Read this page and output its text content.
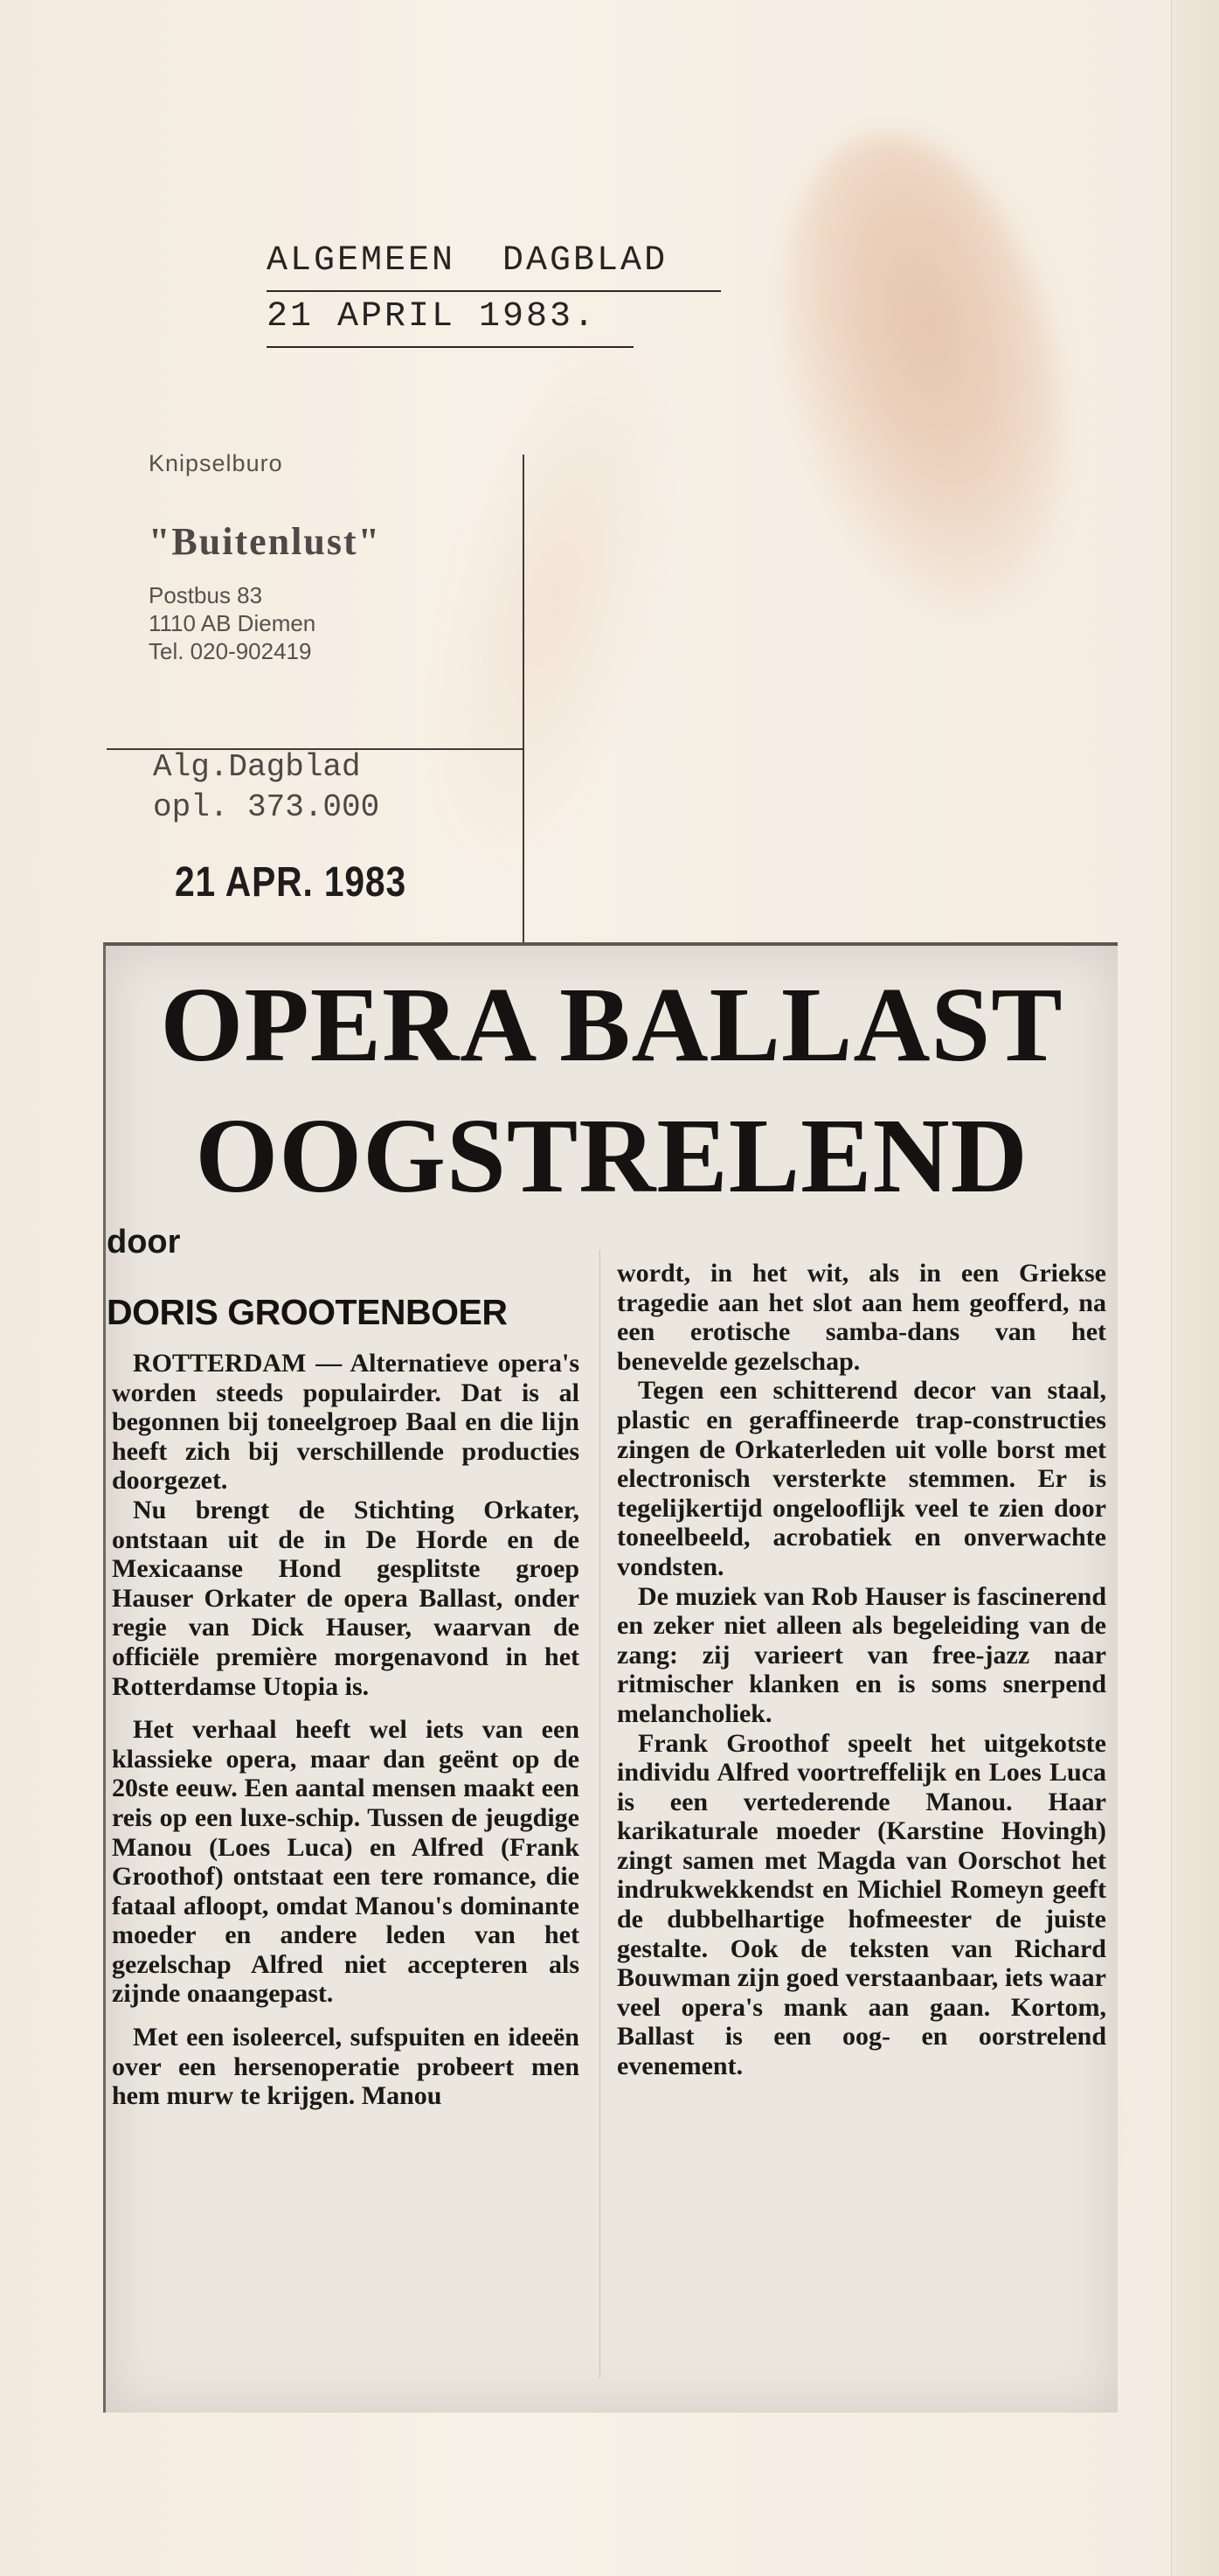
ALGEMEEN  DAGBLAD
21 APRIL 1983.
Knipselburo
"Buitenlust"
Postbus 83
1110 AB Diemen
Tel. 020-902419
Alg.Dagblad
opl. 373.000
21 APR. 1983
OPERA BALLAST
OOGSTRELEND
door
DORIS GROOTENBOER

ROTTERDAM — Alternatieve opera's worden steeds populairder. Dat is al begonnen bij toneelgroep Baal en die lijn heeft zich bij verschillende producties doorgezet.

Nu brengt de Stichting Orkater, ontstaan uit de in De Horde en de Mexicaanse Hond gesplitste groep Hauser Orkater de opera Ballast, onder regie van Dick Hauser, waarvan de officiële première morgenavond in het Rotterdamse Utopia is.

Het verhaal heeft wel iets van een klassieke opera, maar dan geënt op de 20ste eeuw. Een aantal mensen maakt een reis op een luxe-schip. Tussen de jeugdige Manou (Loes Luca) en Alfred (Frank Groothof) ontstaat een tere romance, die fataal afloopt, omdat Manou's dominante moeder en andere leden van het gezelschap Alfred niet accepteren als zijnde onaangepast.

Met een isoleercel, sufspuiten en ideeën over een hersenoperatie probeert men hem murw te krijgen. Manou

wordt, in het wit, als in een Griekse tragedie aan het slot aan hem geofferd, na een erotische samba-dans van het benevelde gezelschap.

Tegen een schitterend decor van staal, plastic en geraffineerde trap-constructies zingen de Orkaterleden uit volle borst met electronisch versterkte stemmen. Er is tegelijkertijd ongelooflijk veel te zien door toneelbeeld, acrobatiek en onverwachte vondsten.

De muziek van Rob Hauser is fascinerend en zeker niet alleen als begeleiding van de zang: zij varieert van free-jazz naar ritmischer klanken en is soms snerpend melancholiek.

Frank Groothof speelt het uitgekotste individu Alfred voortreffelijk en Loes Luca is een vertederende Manou. Haar karikaturale moeder (Karstine Hovingh) zingt samen met Magda van Oorschot het indrukwekkendst en Michiel Romeyn geeft de dubbelhartige hofmeester de juiste gestalte. Ook de teksten van Richard Bouwman zijn goed verstaanbaar, iets waar veel opera's mank aan gaan. Kortom, Ballast is een oog- en oorstrelend evenement.
